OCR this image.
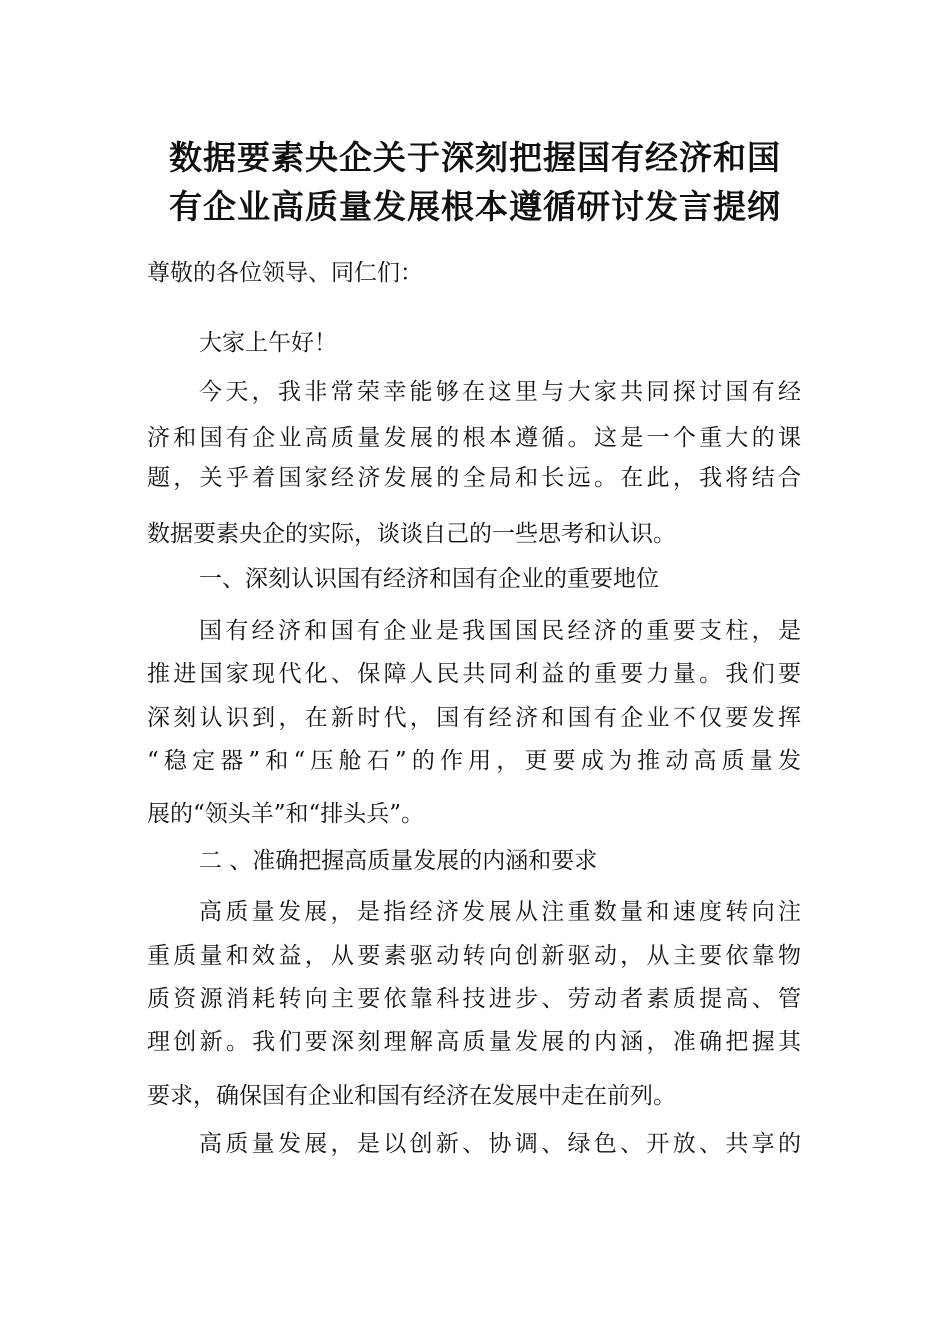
数据要素央企关于深刻把握国有经济和国
有企业高质量发展根本遵循研讨发言提纲
尊敬的各位领导、同仁们：
大家上午好！
今天，我非常荣幸能够在这里与大家共同探讨国有经
济和国有企业高质量发展的根本遵循。这是一个重大的课
题，关乎着国家经济发展的全局和长远。在此，我将结合
数据要素央企的实际，谈谈自己的一些思考和认识。
一、深刻认识国有经济和国有企业的重要地位
国有经济和国有企业是我国国民经济的重要支柱，是
推进国家现代化、保障人民共同利益的重要力量。我们要
深刻认识到，在新时代，国有经济和国有企业不仅要发挥
“稳定器”和“压舱石”的作用，更要成为推动高质量发
展的“领头羊”和“排头兵”。
二 、准确把握高质量发展的内涵和要求
高质量发展，是指经济发展从注重数量和速度转向注
重质量和效益，从要素驱动转向创新驱动，从主要依靠物
质资源消耗转向主要依靠科技进步、劳动者素质提高、管
理创新。我们要深刻理解高质量发展的内涵，准确把握其
要求，确保国有企业和国有经济在发展中走在前列。
高质量发展，是以创新、协调、绿色、开放、共享的
